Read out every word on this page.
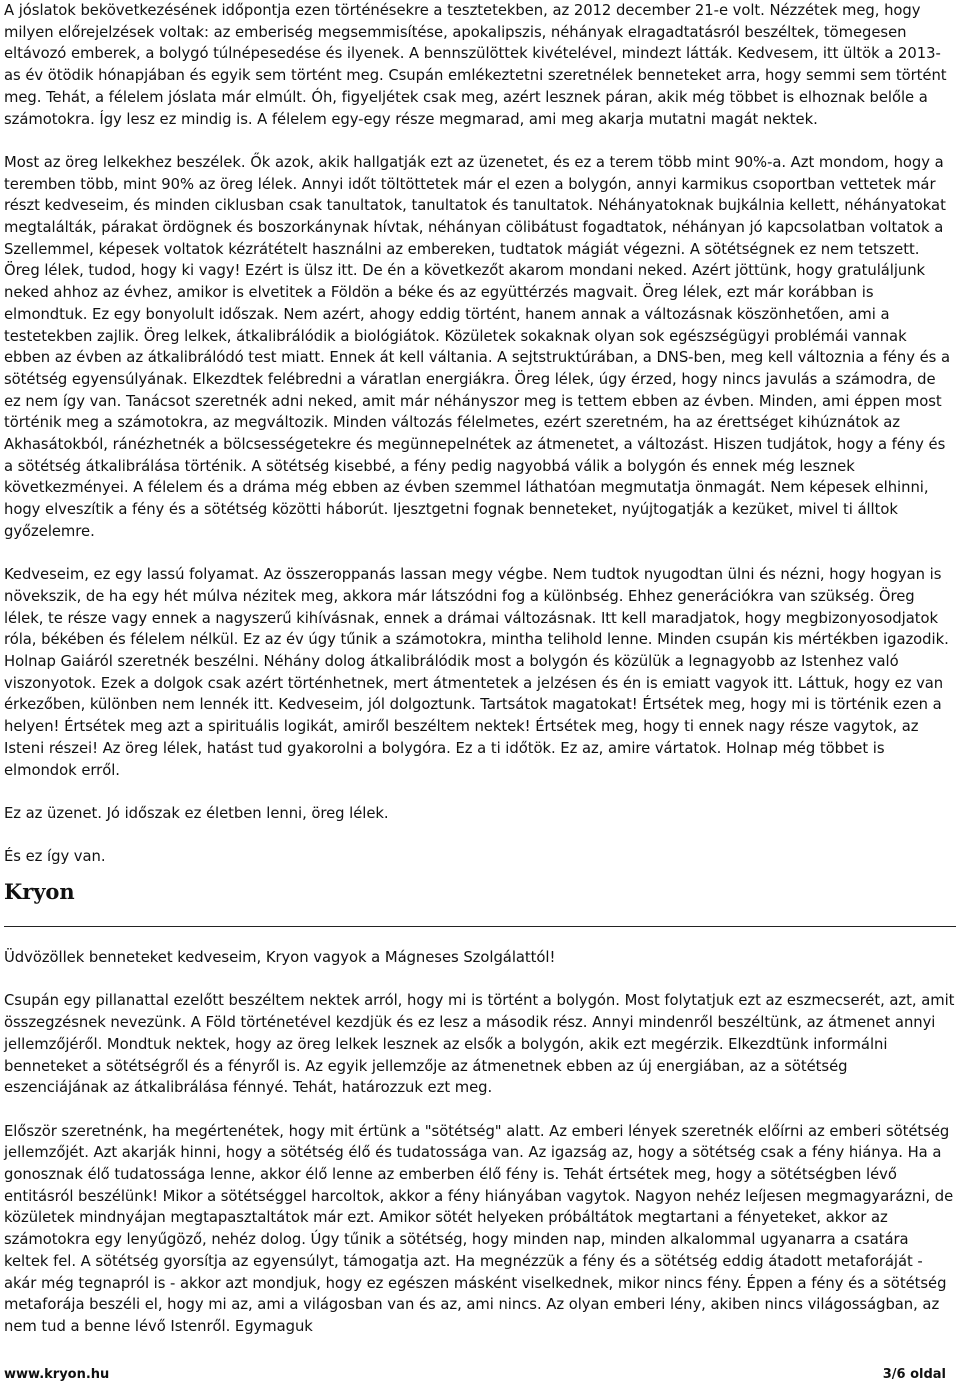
A jóslatok bekövetkezésének időpontja ezen történésekre a tesztetekben, az 2012 december 21-e volt. Nézzétek meg, hogy milyen előrejelzések voltak: az emberiség megsemmisítése, apokalipszis, néhányak elragadtatásról beszéltek, tömegesen eltávozó emberek, a bolygó túlnépesedése és ilyenek. A bennszülöttek kivételével, mindezt látták. Kedvesem, itt ültök a 2013-as év ötödik hónapjában és egyik sem történt meg. Csupán emlékeztetni szeretnélek benneteket arra, hogy semmi sem történt meg. Tehát, a félelem jóslata már elmúlt. Óh, figyeljétek csak meg, azért lesznek páran, akik még többet is elhoznak belőle a számotokra. Így lesz ez mindig is. A félelem egy-egy része megmarad, ami meg akarja mutatni magát nektek.

Most az öreg lelkekhez beszélek. Ők azok, akik hallgatják ezt az üzenetet, és ez a terem több mint 90%-a. Azt mondom, hogy a teremben több, mint 90% az öreg lélek. Annyi időt töltöttetek már el ezen a bolygón, annyi karmikus csoportban vettetek már részt kedveseim, és minden ciklusban csak tanultatok, tanultatok és tanultatok. Néhányatoknak bujkálnia kellett, néhányatokat megtalálták, párakat ördögnek és boszorkánynak hívtak, néhányan cölibátust fogadtatok, néhányan jó kapcsolatban voltatok a Szellemmel, képesek voltatok kézrátételt használni az embereken, tudtatok mágiát végezni. A sötétségnek ez nem tetszett. Öreg lélek, tudod, hogy ki vagy! Ezért is ülsz itt. De én a következőt akarom mondani neked. Azért jöttünk, hogy gratuláljunk neked ahhoz az évhez, amikor is elvetitek a Földön a béke és az együttérzés magvait. Öreg lélek, ezt már korábban is elmondtuk. Ez egy bonyolult időszak. Nem azért, ahogy eddig történt, hanem annak a változásnak köszönhetően, ami a testetekben zajlik. Öreg lelkek, átkalibrálódik a biológiátok. Közületek sokaknak olyan sok egészségügyi problémái vannak ebben az évben az átkalibrálódó test miatt. Ennek át kell váltania. A sejtstruktúrában, a DNS-ben, meg kell változnia a fény és a sötétség egyensúlyának. Elkezdtek felébredni a váratlan energiákra. Öreg lélek, úgy érzed, hogy nincs javulás a számodra, de ez nem így van. Tanácsot szeretnék adni neked, amit már néhányszor meg is tettem ebben az évben. Minden, ami éppen most történik meg a számotokra, az megváltozik. Minden változás félelmetes, ezért szeretném, ha az érettséget kihúznátok az Akhasátokból, ránézhetnék a bölcsességetekre és megünnepelnétek az átmenetet, a változást. Hiszen tudjátok, hogy a fény és a sötétség átkalibrálása történik. A sötétség kisebbé, a fény pedig nagyobbá válik a bolygón és ennek még lesznek következményei. A félelem és a dráma még ebben az évben szemmel láthatóan megmutatja önmagát. Nem képesek elhinni, hogy elveszítik a fény és a sötétség közötti háborút. Ijesztgetni fognak benneteket, nyújtogatják a kezüket, mivel ti álltok győzelemre.

Kedveseim, ez egy lassú folyamat. Az összeroppanás lassan megy végbe. Nem tudtok nyugodtan ülni és nézni, hogy hogyan is növekszik, de ha egy hét múlva nézitek meg, akkora már látszódni fog a különbség. Ehhez generációkra van szükség. Öreg lélek, te része vagy ennek a nagyszerű kihívásnak, ennek a drámai változásnak. Itt kell maradjatok, hogy megbizonyosodjatok róla, békében és félelem nélkül. Ez az év úgy tűnik a számotokra, mintha telihold lenne. Minden csupán kis mértékben igazodik. Holnap Gaiáról szeretnék beszélni. Néhány dolog átkalibrálódik most a bolygón és közülük a legnagyobb az Istenhez való viszonyotok. Ezek a dolgok csak azért történhetnek, mert átmentetek a jelzésen és én is emiatt vagyok itt. Láttuk, hogy ez van érkezőben, különben nem lennék itt. Kedveseim, jól dolgoztunk. Tartsátok magatokat! Értsétek meg, hogy mi is történik ezen a helyen! Értsétek meg azt a spirituális logikát, amiről beszéltem nektek! Értsétek meg, hogy ti ennek nagy része vagytok, az Isteni részei! Az öreg lélek, hatást tud gyakorolni a bolygóra. Ez a ti időtök. Ez az, amire vártatok. Holnap még többet is elmondok erről.

Ez az üzenet. Jó időszak ez életben lenni, öreg lélek.

És ez így van.

Kryon

Üdvözöllek benneteket kedveseim, Kryon vagyok a Mágneses Szolgálattól!

Csupán egy pillanattal ezelőtt beszéltem nektek arról, hogy mi is történt a bolygón. Most folytatjuk ezt az eszmecserét, azt, amit összegzésnek nevezünk. A Föld történetével kezdjük és ez lesz a második rész. Annyi mindenről beszéltünk, az átmenet annyi jellemzőjéről. Mondtuk nektek, hogy az öreg lelkek lesznek az elsők a bolygón, akik ezt megérzik. Elkezdtünk informálni benneteket a sötétségről és a fényről is. Az egyik jellemzője az átmenetnek ebben az új energiában, az a sötétség eszenciájának az átkalibrálása fénnyé. Tehát, határozzuk ezt meg.

Először szeretnénk, ha megértenétek, hogy mit értünk a "sötétség" alatt. Az emberi lények szeretnék előírni az emberi sötétség jellemzőjét. Azt akarják hinni, hogy a sötétség élő és tudatossága van. Az igazság az, hogy a sötétség csak a fény hiánya. Ha a gonosznak élő tudatossága lenne, akkor élő lenne az emberben élő fény is. Tehát értsétek meg, hogy a sötétségben lévő entitásról beszélünk! Mikor a sötétséggel harcoltok, akkor a fény hiányában vagytok. Nagyon nehéz leíjesen megmagyarázni, de közületek mindnyájan megtapasztaltátok már ezt. Amikor sötét helyeken próbáltátok megtartani a fényeteket, akkor az számotokra egy lenyűgöző, nehéz dolog. Úgy tűnik a sötétség, hogy minden nap, minden alkalommal ugyanarra a csatára keltek fel. A sötétség gyorsítja az egyensúlyt, támogatja azt. Ha megnézzük a fény és a sötétség eddig átadott metaforáját - akár még tegnapról is - akkor azt mondjuk, hogy ez egészen másként viselkednek, mikor nincs fény. Éppen a fény és a sötétség metaforája beszéli el, hogy mi az, ami a világosban van és az, ami nincs. Az olyan emberi lény, akiben nincs világosságban, az nem tud a benne lévő Istenről. Egymaguk

www.kryon.hu	3/6 oldal
